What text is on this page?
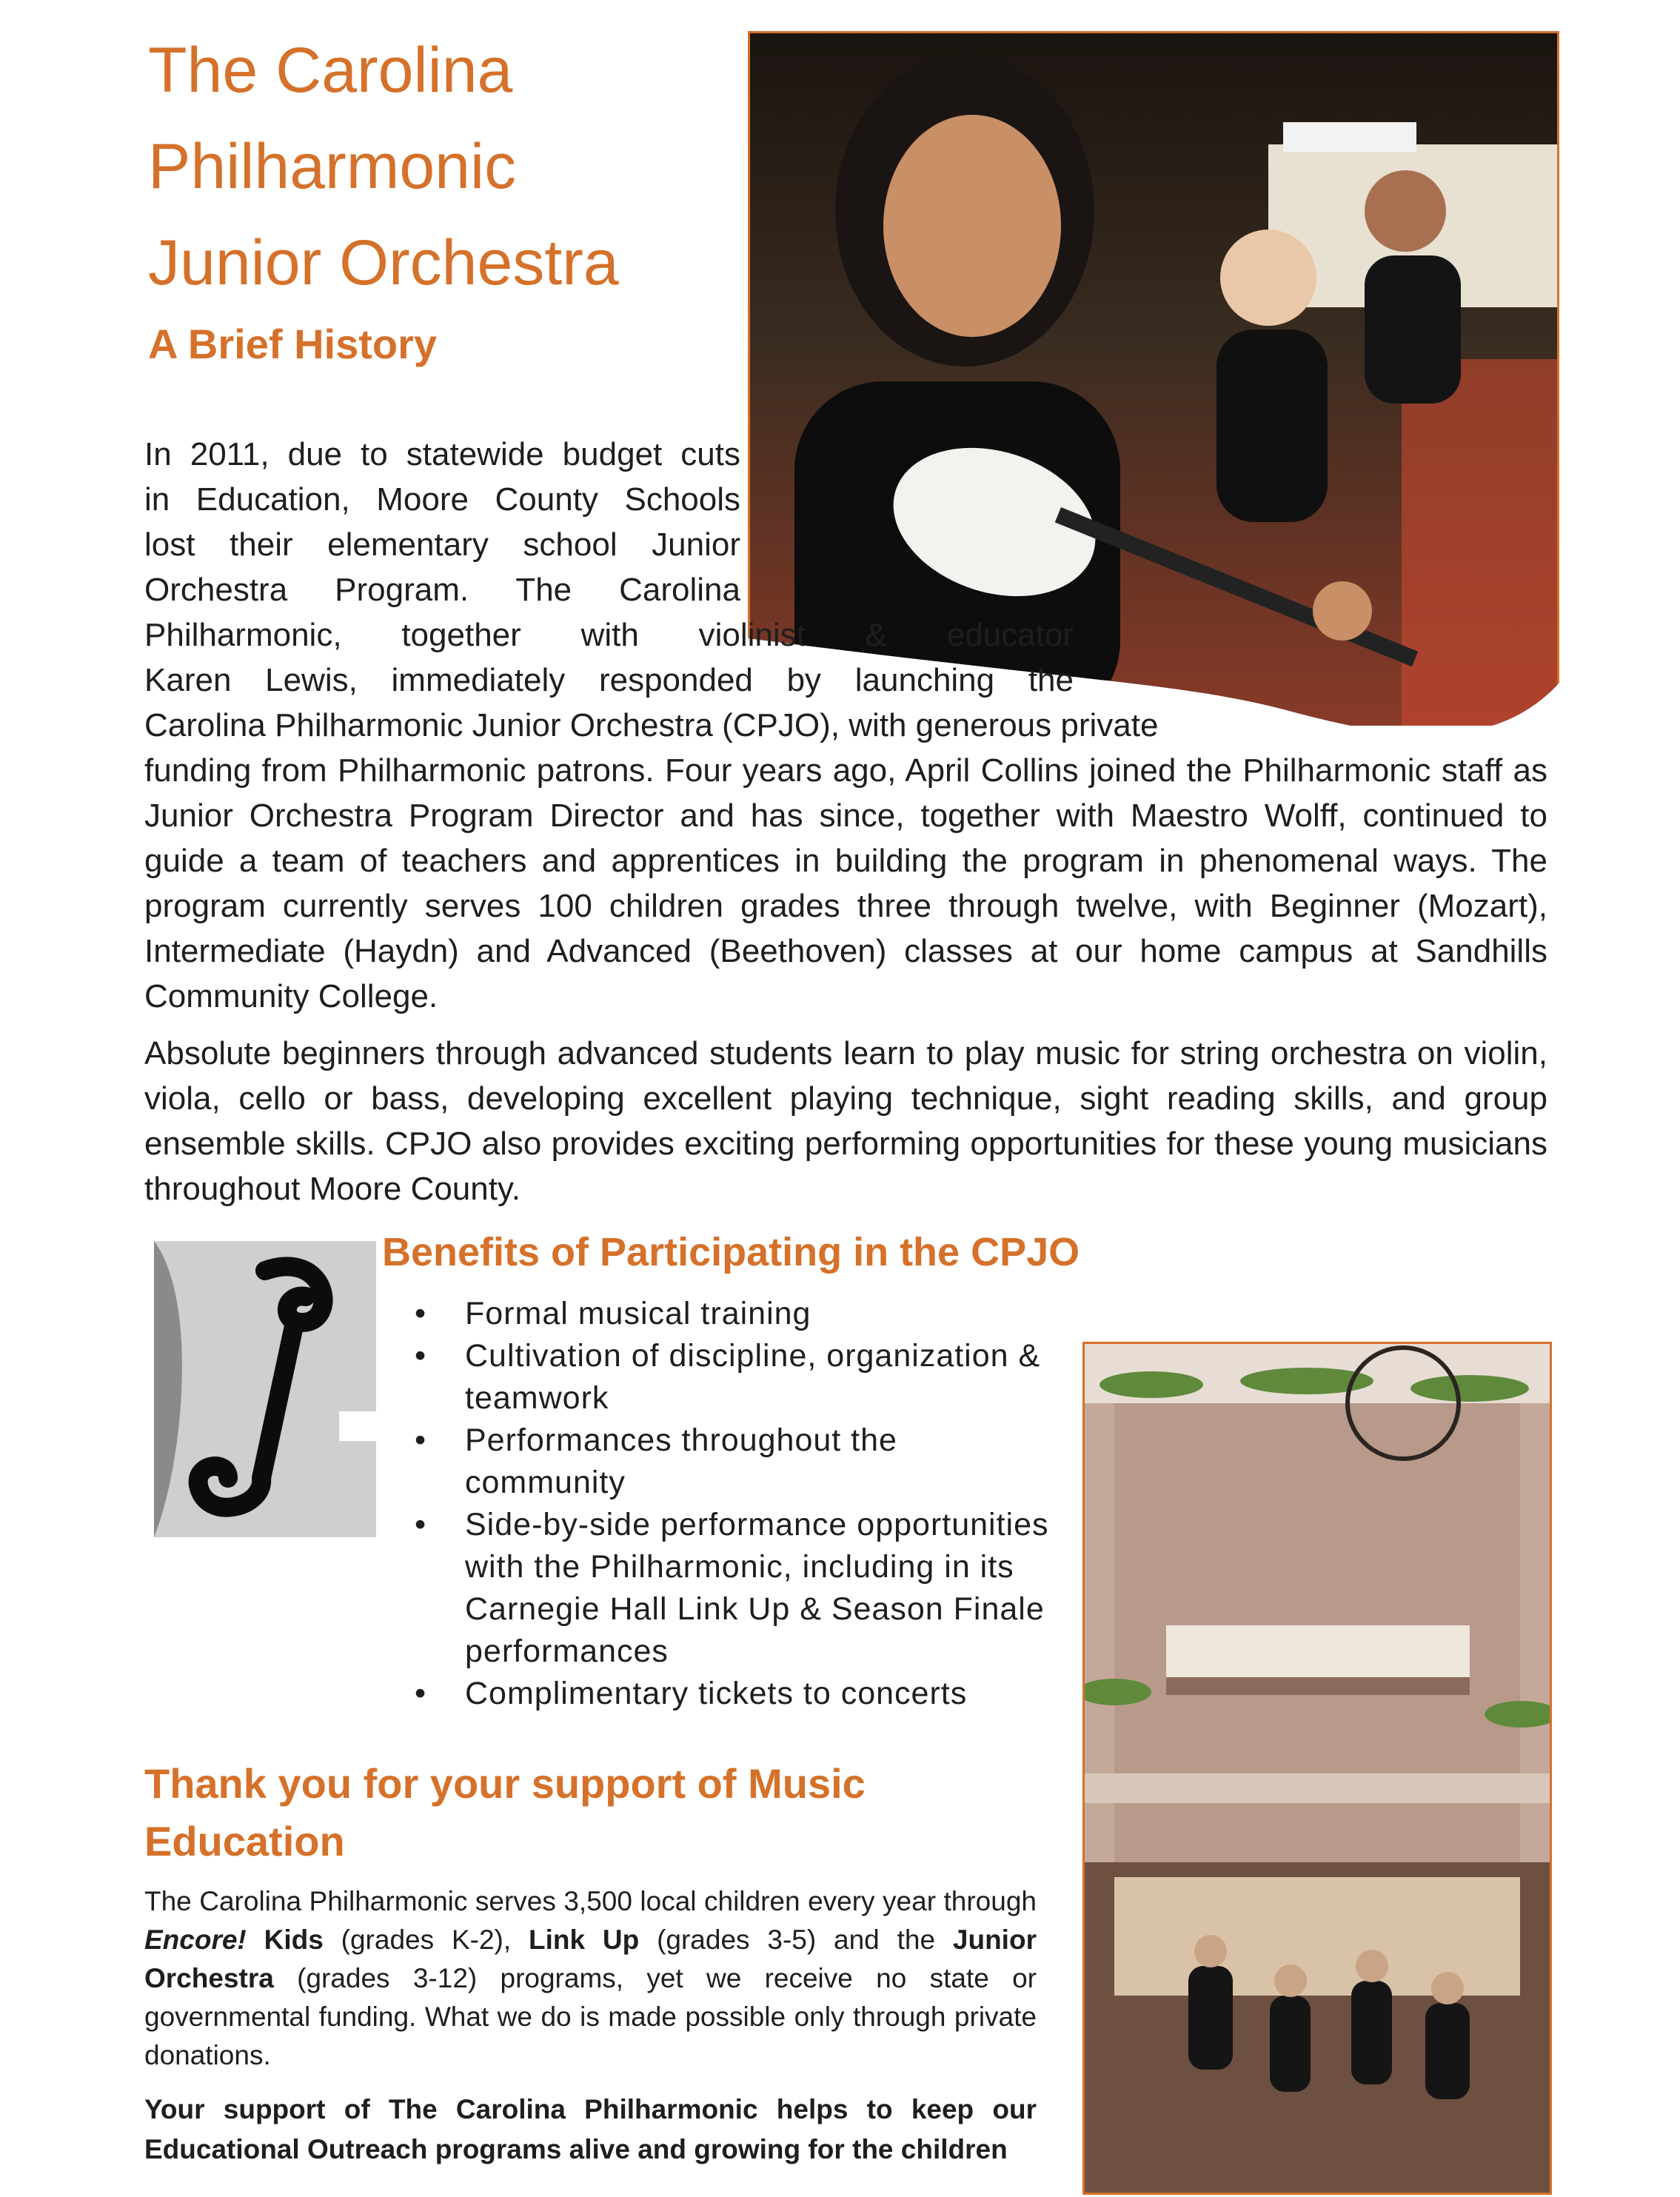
The Carolina
Philharmonic
Junior Orchestra
A Brief History
In 2011, due to statewide budget cuts
in Education, Moore County Schools
lost their elementary school Junior
Orchestra Program. The Carolina
Philharmonic, together with violinist & educator
Karen Lewis, immediately responded by launching the
Carolina Philharmonic Junior Orchestra (CPJO), with generous private
funding from Philharmonic patrons. Four years ago, April Collins joined the Philharmonic staff as Junior Orchestra Program Director and has since, together with Maestro Wolff, continued to guide a team of teachers and apprentices in building the program in phenomenal ways. The program currently serves 100 children grades three through twelve, with Beginner (Mozart), Intermediate (Haydn) and Advanced (Beethoven) classes at our home campus at Sandhills Community College.

Absolute beginners through advanced students learn to play music for string orchestra on violin, viola, cello or bass, developing excellent playing technique, sight reading skills, and group ensemble skills. CPJO also provides exciting performing opportunities for these young musicians throughout Moore County.

Benefits of Participating in the CPJO
• Formal musical training
• Cultivation of discipline, organization & teamwork
• Performances throughout the community
• Side-by-side performance opportunities with the Philharmonic, including in its Carnegie Hall Link Up & Season Finale performances
• Complimentary tickets to concerts
Thank you for your support of Music Education

The Carolina Philharmonic serves 3,500 local children every year through Encore! Kids (grades K-2), Link Up (grades 3-5) and the Junior Orchestra (grades 3-12) programs, yet we receive no state or governmental funding. What we do is made possible only through private donations.

Your support of The Carolina Philharmonic helps to keep our Educational Outreach programs alive and growing for the children
